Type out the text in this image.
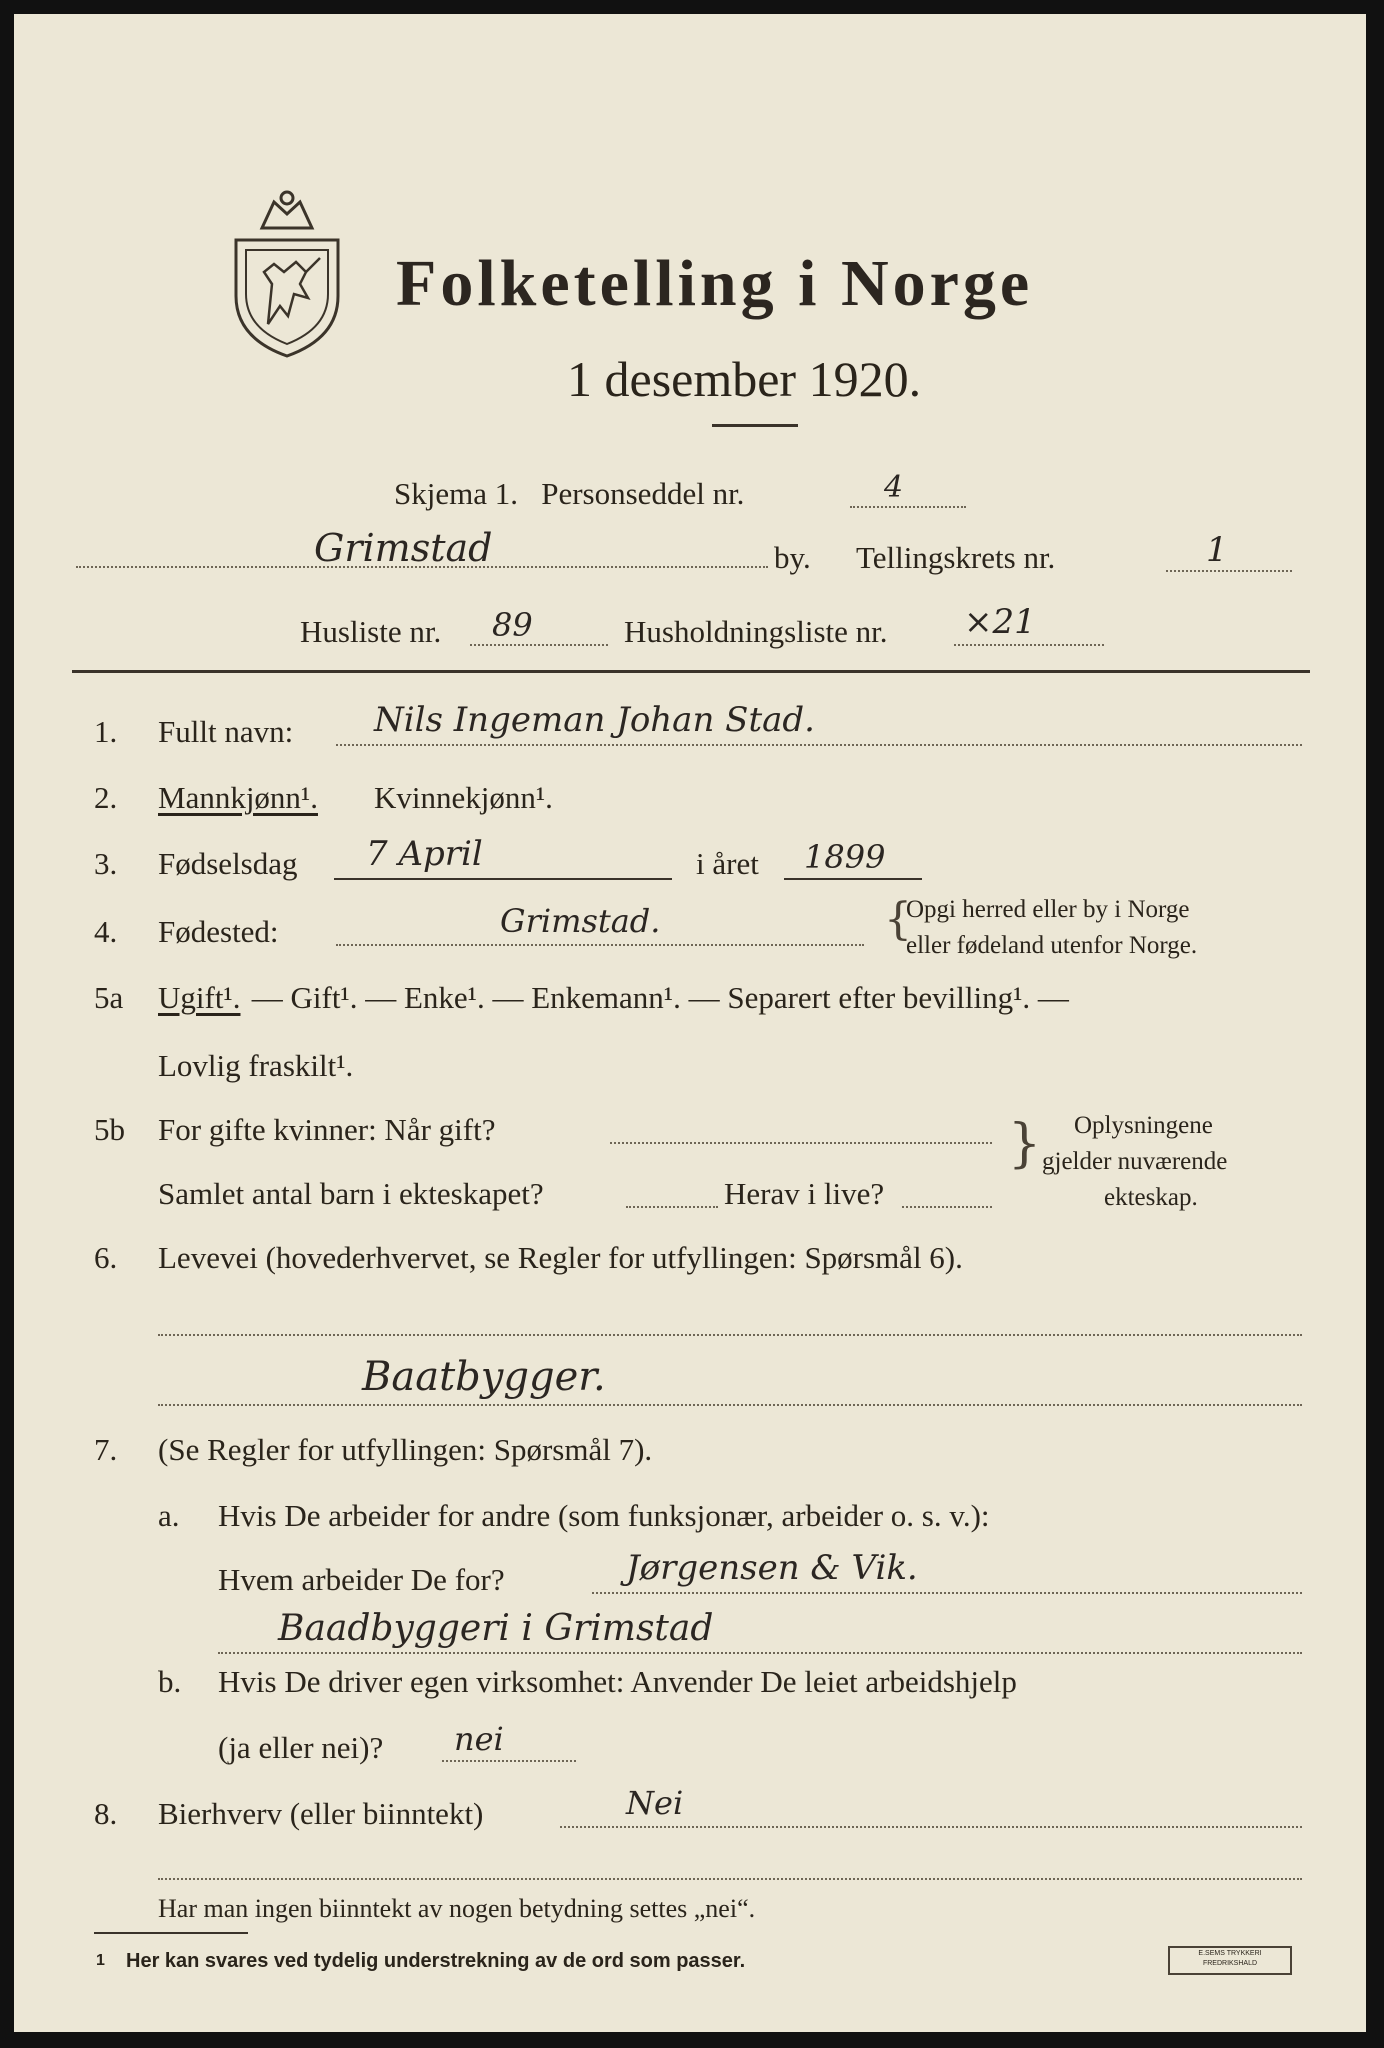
Folketelling i Norge
1 desember 1920.
Skjema 1.   Personseddel nr.	4
Grimstad	by. Tellingskrets nr.	1
Husliste nr. 89	Husholdningsliste nr. ×21
1. Fullt navn: Nils Ingeman Johan Stad.
2. Mannkjønn¹. Kvinnekjønn¹.
3. Fødselsdag 7 April	i året 1899
4. Fødested:	Grimstad.	{
Opgi herred eller by i Norge
eller fødeland utenfor Norge.
5a Ugift¹. — Gift¹. — Enke¹. — Enkemann¹. — Separert efter bevilling¹. —
Lovlig fraskilt¹.
5b For gifte kvinner: Når gift?
Samlet antal barn i ekteskapet?	Herav i live?
} Oplysningene
gjelder nuværende
ekteskap.
6. Levevei (hovederhvervet, se Regler for utfyllingen: Spørsmål 6).
Baatbygger.
7. (Se Regler for utfyllingen: Spørsmål 7).
a. Hvis De arbeider for andre (som funksjonær, arbeider o. s. v.):
Hvem arbeider De for?	Jørgensen & Vik.
Baadbyggeri i Grimstad
b. Hvis De driver egen virksomhet: Anvender De leiet arbeidshjelp
(ja eller nei)? nei
8. Bierhverv (eller biinntekt)	Nei
Har man ingen biinntekt av nogen betydning settes „nei“.
1 Her kan svares ved tydelig understrekning av de ord som passer.	E.SEMS TRYKKERI
FREDRIKSHALD
